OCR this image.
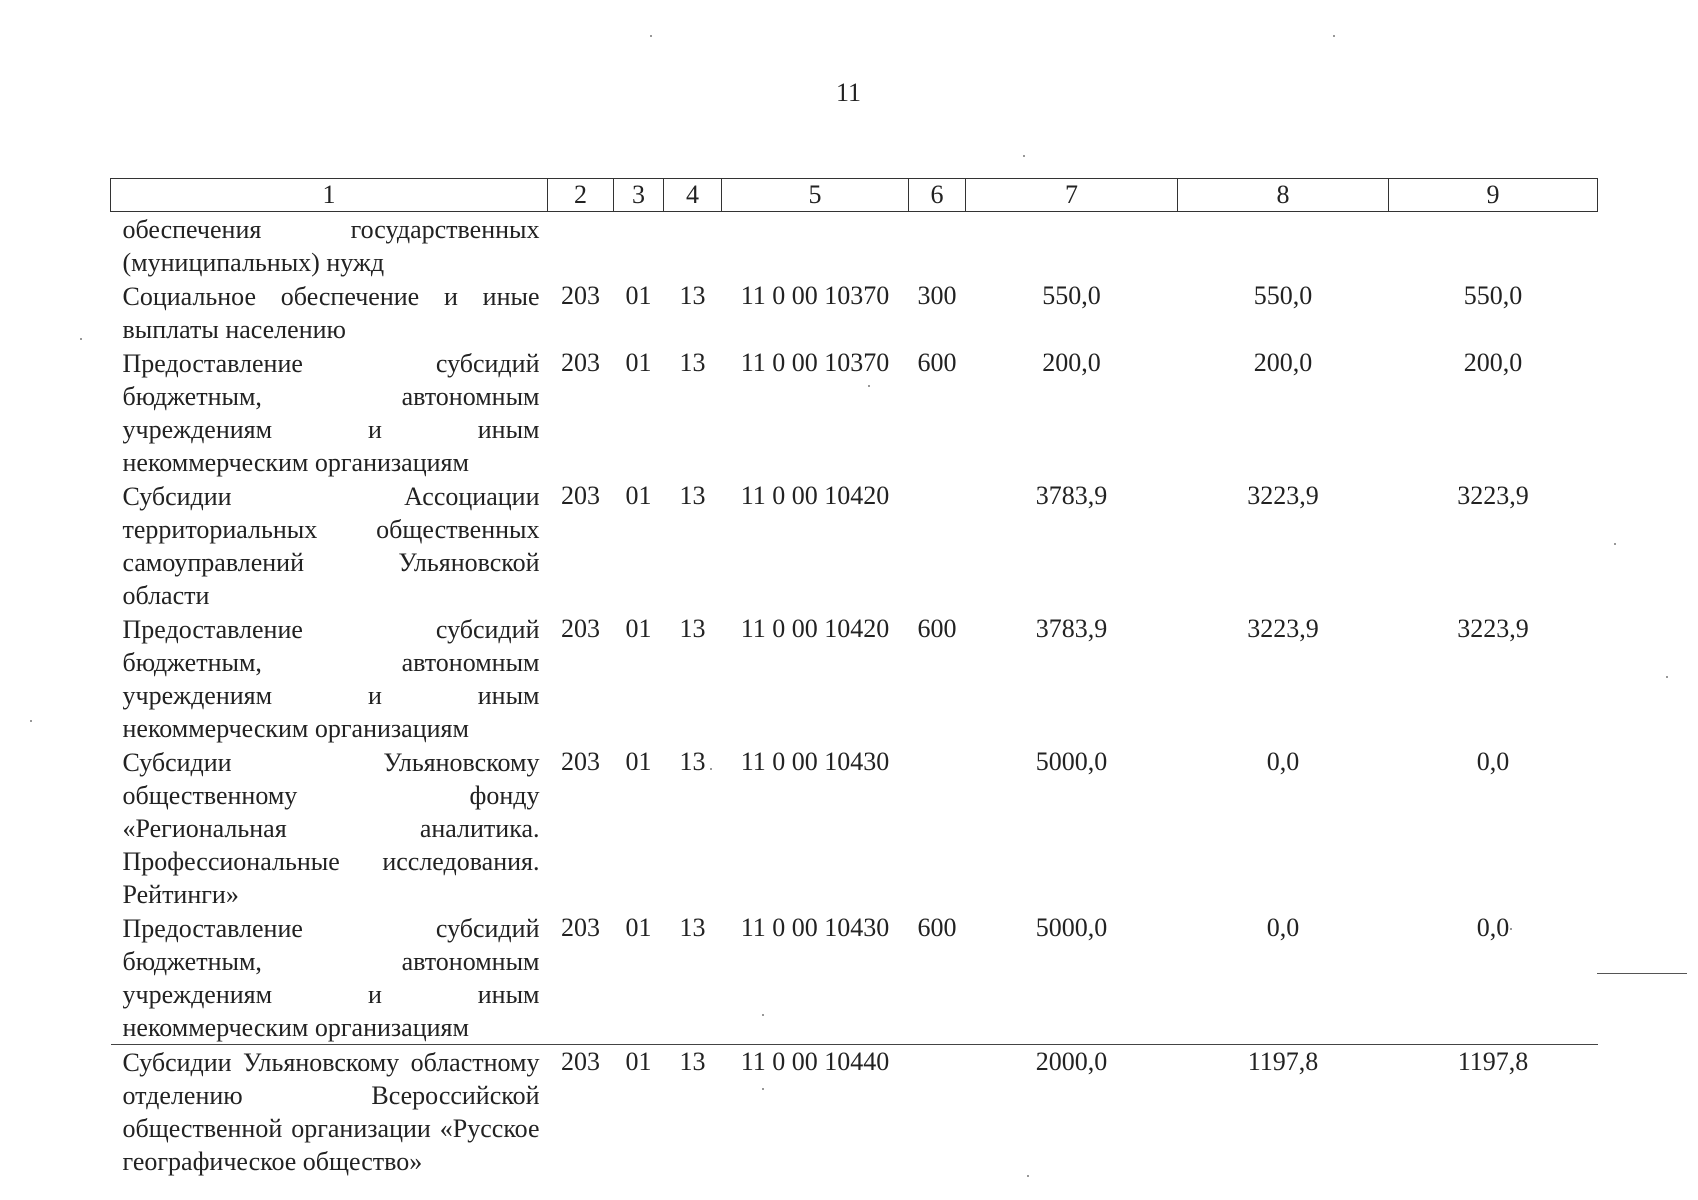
11
1	2	3	4	5	6	7	8	9
обеспечения государственных (муниципальных) нужд								
Социальное обеспечение и иные выплаты населению	203	01	13	11 0 00 10370	300	550,0	550,0	550,0
Предоставление субсидий бюджетным, автономным учреждениям и иным некоммерческим организациям	203	01	13	11 0 00 10370	600	200,0	200,0	200,0
Субсидии Ассоциации территориальных общественных самоуправлений Ульяновской области	203	01	13	11 0 00 10420		3783,9	3223,9	3223,9
Предоставление субсидий бюджетным, автономным учреждениям и иным некоммерческим организациям	203	01	13	11 0 00 10420	600	3783,9	3223,9	3223,9
Субсидии Ульяновскому общественному фонду «Региональная аналитика. Профессиональные исследования. Рейтинги»	203	01	13	11 0 00 10430		5000,0	0,0	0,0
Предоставление субсидий бюджетным, автономным учреждениям и иным некоммерческим организациям	203	01	13	11 0 00 10430	600	5000,0	0,0	0,0
Субсидии Ульяновскому областному отделению Всероссийской общественной организации «Русское географическое общество»	203	01	13	11 0 00 10440		2000,0	1197,8	1197,8
